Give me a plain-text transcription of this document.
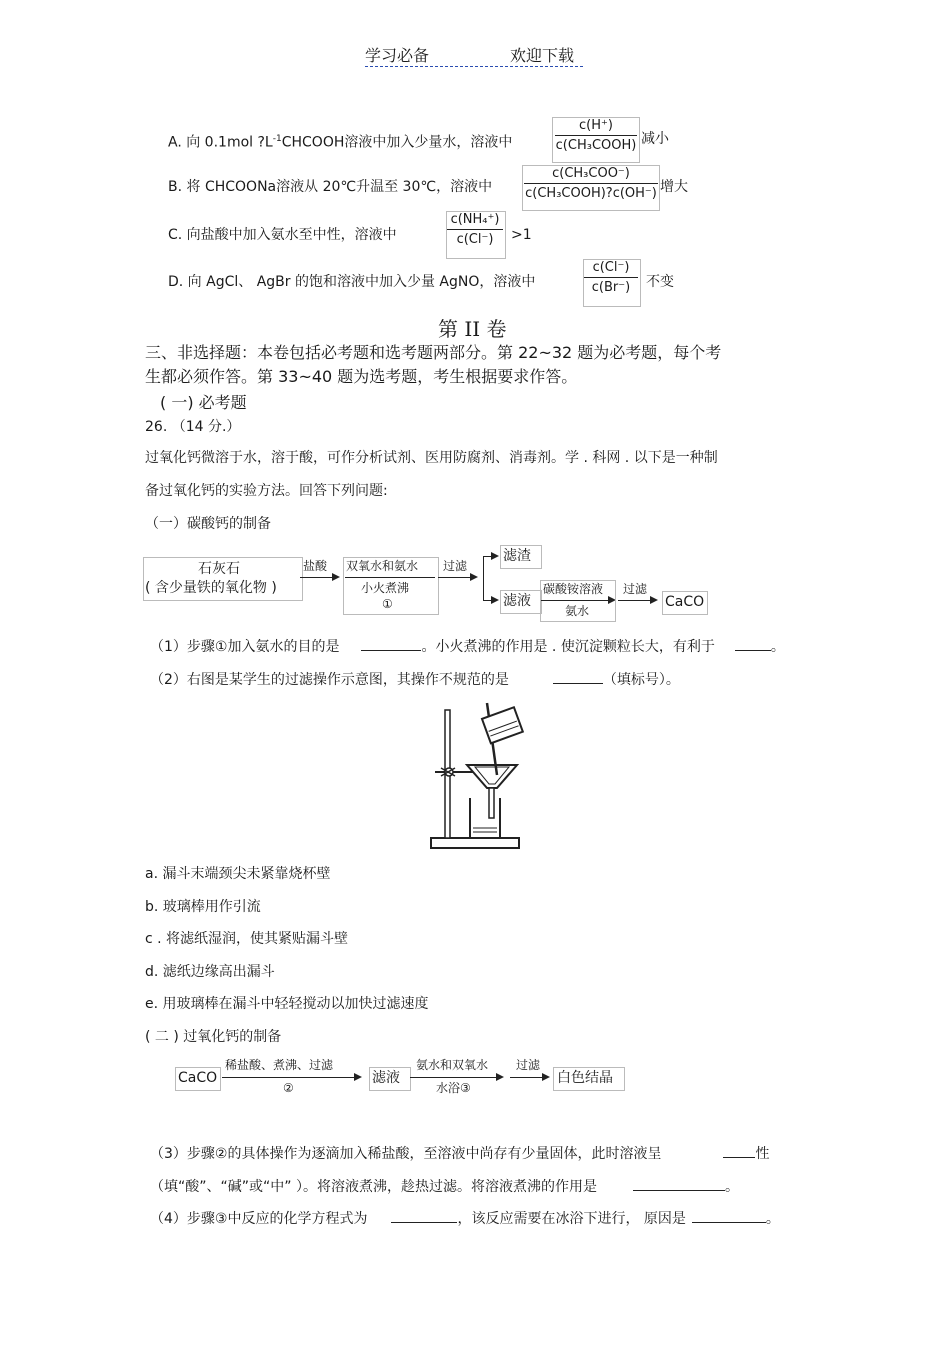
学习必备	欢迎下载
A. 向 0.1mol $?L^{-1}CHCOOH$溶液中加入少量水，溶液中
c(H⁺)
c(CH₃COOH) 减小
B. 将 CHCOONa溶液从 20℃升温至 30℃，溶液中
c(CH₃COO⁻)
c(CH₃COOH)?c(OH⁻) 增大
C. 向盐酸中加入氨水至中性，溶液中
c(NH₄⁺)
c(Cl⁻)	>1
D. 向 AgCl、 AgBr 的饱和溶液中加入少量 AgNO，溶液中
c(Cl⁻)
c(Br⁻)	不变
第 II 卷
三、非选择题：本卷包括必考题和选考题两部分。第 22~32 题为必考题，每个考
生都必须作答。第 33~40 题为选考题，考生根据要求作答。
( 一) 必考题
26. （14 分.）
过氧化钙微溶于水，溶于酸，可作分析试剂、医用防腐剂、消毒剂。学 . 科网 . 以下是一种制
备过氧化钙的实验方法。回答下列问题:
（一）碳酸钙的制备
石灰石
( 含少量铁的氧化物 )
盐酸 双氧水和氨水
小火煮沸
①
过滤
滤渣
滤液
碳酸铵溶液
氨水
过滤
CaCO
（1）步骤①加入氨水的目的是	。小火煮沸的作用是 . 使沉淀颗粒长大，有利于	。
（2）右图是某学生的过滤操作示意图，其操作不规范的是	（填标号）。
a. 漏斗末端颈尖未紧靠烧杯壁
b. 玻璃棒用作引流
c . 将滤纸湿润，使其紧贴漏斗壁
d. 滤纸边缘高出漏斗
e. 用玻璃棒在漏斗中轻轻搅动以加快过滤速度
( 二 ) 过氧化钙的制备
CaCO
稀盐酸、煮沸、过滤
②
滤液
氨水和双氧水
水浴③
过滤
白色结晶
（3）步骤②的具体操作为逐滴加入稀盐酸，至溶液中尚存有少量固体，此时溶液呈	性
（填“酸”、“碱”或“中” ）。将溶液煮沸，趁热过滤。将溶液煮沸的作用是	。
（4）步骤③中反应的化学方程式为	，该反应需要在冰浴下进行， 原因是	。
